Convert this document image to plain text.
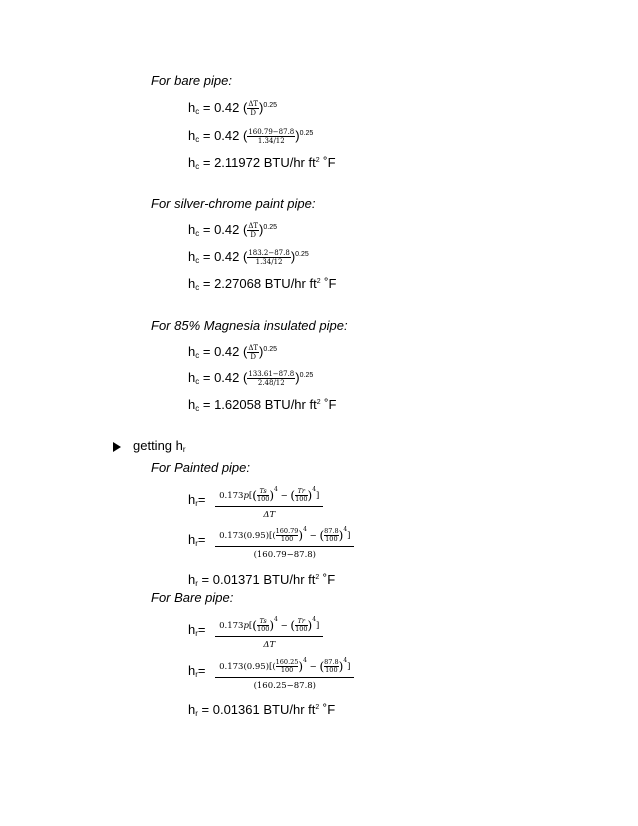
For bare pipe:
$h_c = 0.42$ ( $\frac{\Delta T}{D} )^{0.25}$
$h_c = 0.42$ ( $\frac{160.79-87.8}{1.34/12} )^{0.25}$
$h_c = 2.11972$ BTU/hr $ft^2$ ˚F
For silver-chrome paint pipe:
$h_c = 0.42$ ( $\frac{\Delta T}{D} )^{0.25}$
$h_c = 0.42$ ( $\frac{183.2-87.8}{1.34/12} )^{0.25}$
$h_c = 2.27068$ BTU/hr $ft^2$ ˚F
For 85% Magnesia insulated pipe:
$h_c = 0.42$ ( $\frac{\Delta T}{D} )^{0.25}$
$h_c = 0.42$ ( $\frac{133.61-87.8}{2.48/12} )^{0.25}$
$h_c = 1.62058$ BTU/hr $ft^2$ ˚F
getting $h_r$
For Painted pipe:
$h_r= \frac{0.173p[( \frac{Ts}{100} )^4 - ( \frac{Tr}{100} )^4]}{\Delta T}$
$h_r= \frac{0.173(0.95)[( \frac{160.79}{100} )^4 - ( \frac{87.8}{100} )^4]}{(160.79-87.8)}$
$h_r = 0.01371$ BTU/hr $ft^2$ ˚F
For Bare pipe:
$h_r= \frac{0.173p[( \frac{Ts}{100} )^4 - ( \frac{Tr}{100} )^4]}{\Delta T}$
$h_r= \frac{0.173(0.95)[( \frac{160.25}{100} )^4 - ( \frac{87.8}{100} )^4]}{(160.25-87.8)}$
$h_r = 0.01361$ BTU/hr $ft^2$ ˚F
